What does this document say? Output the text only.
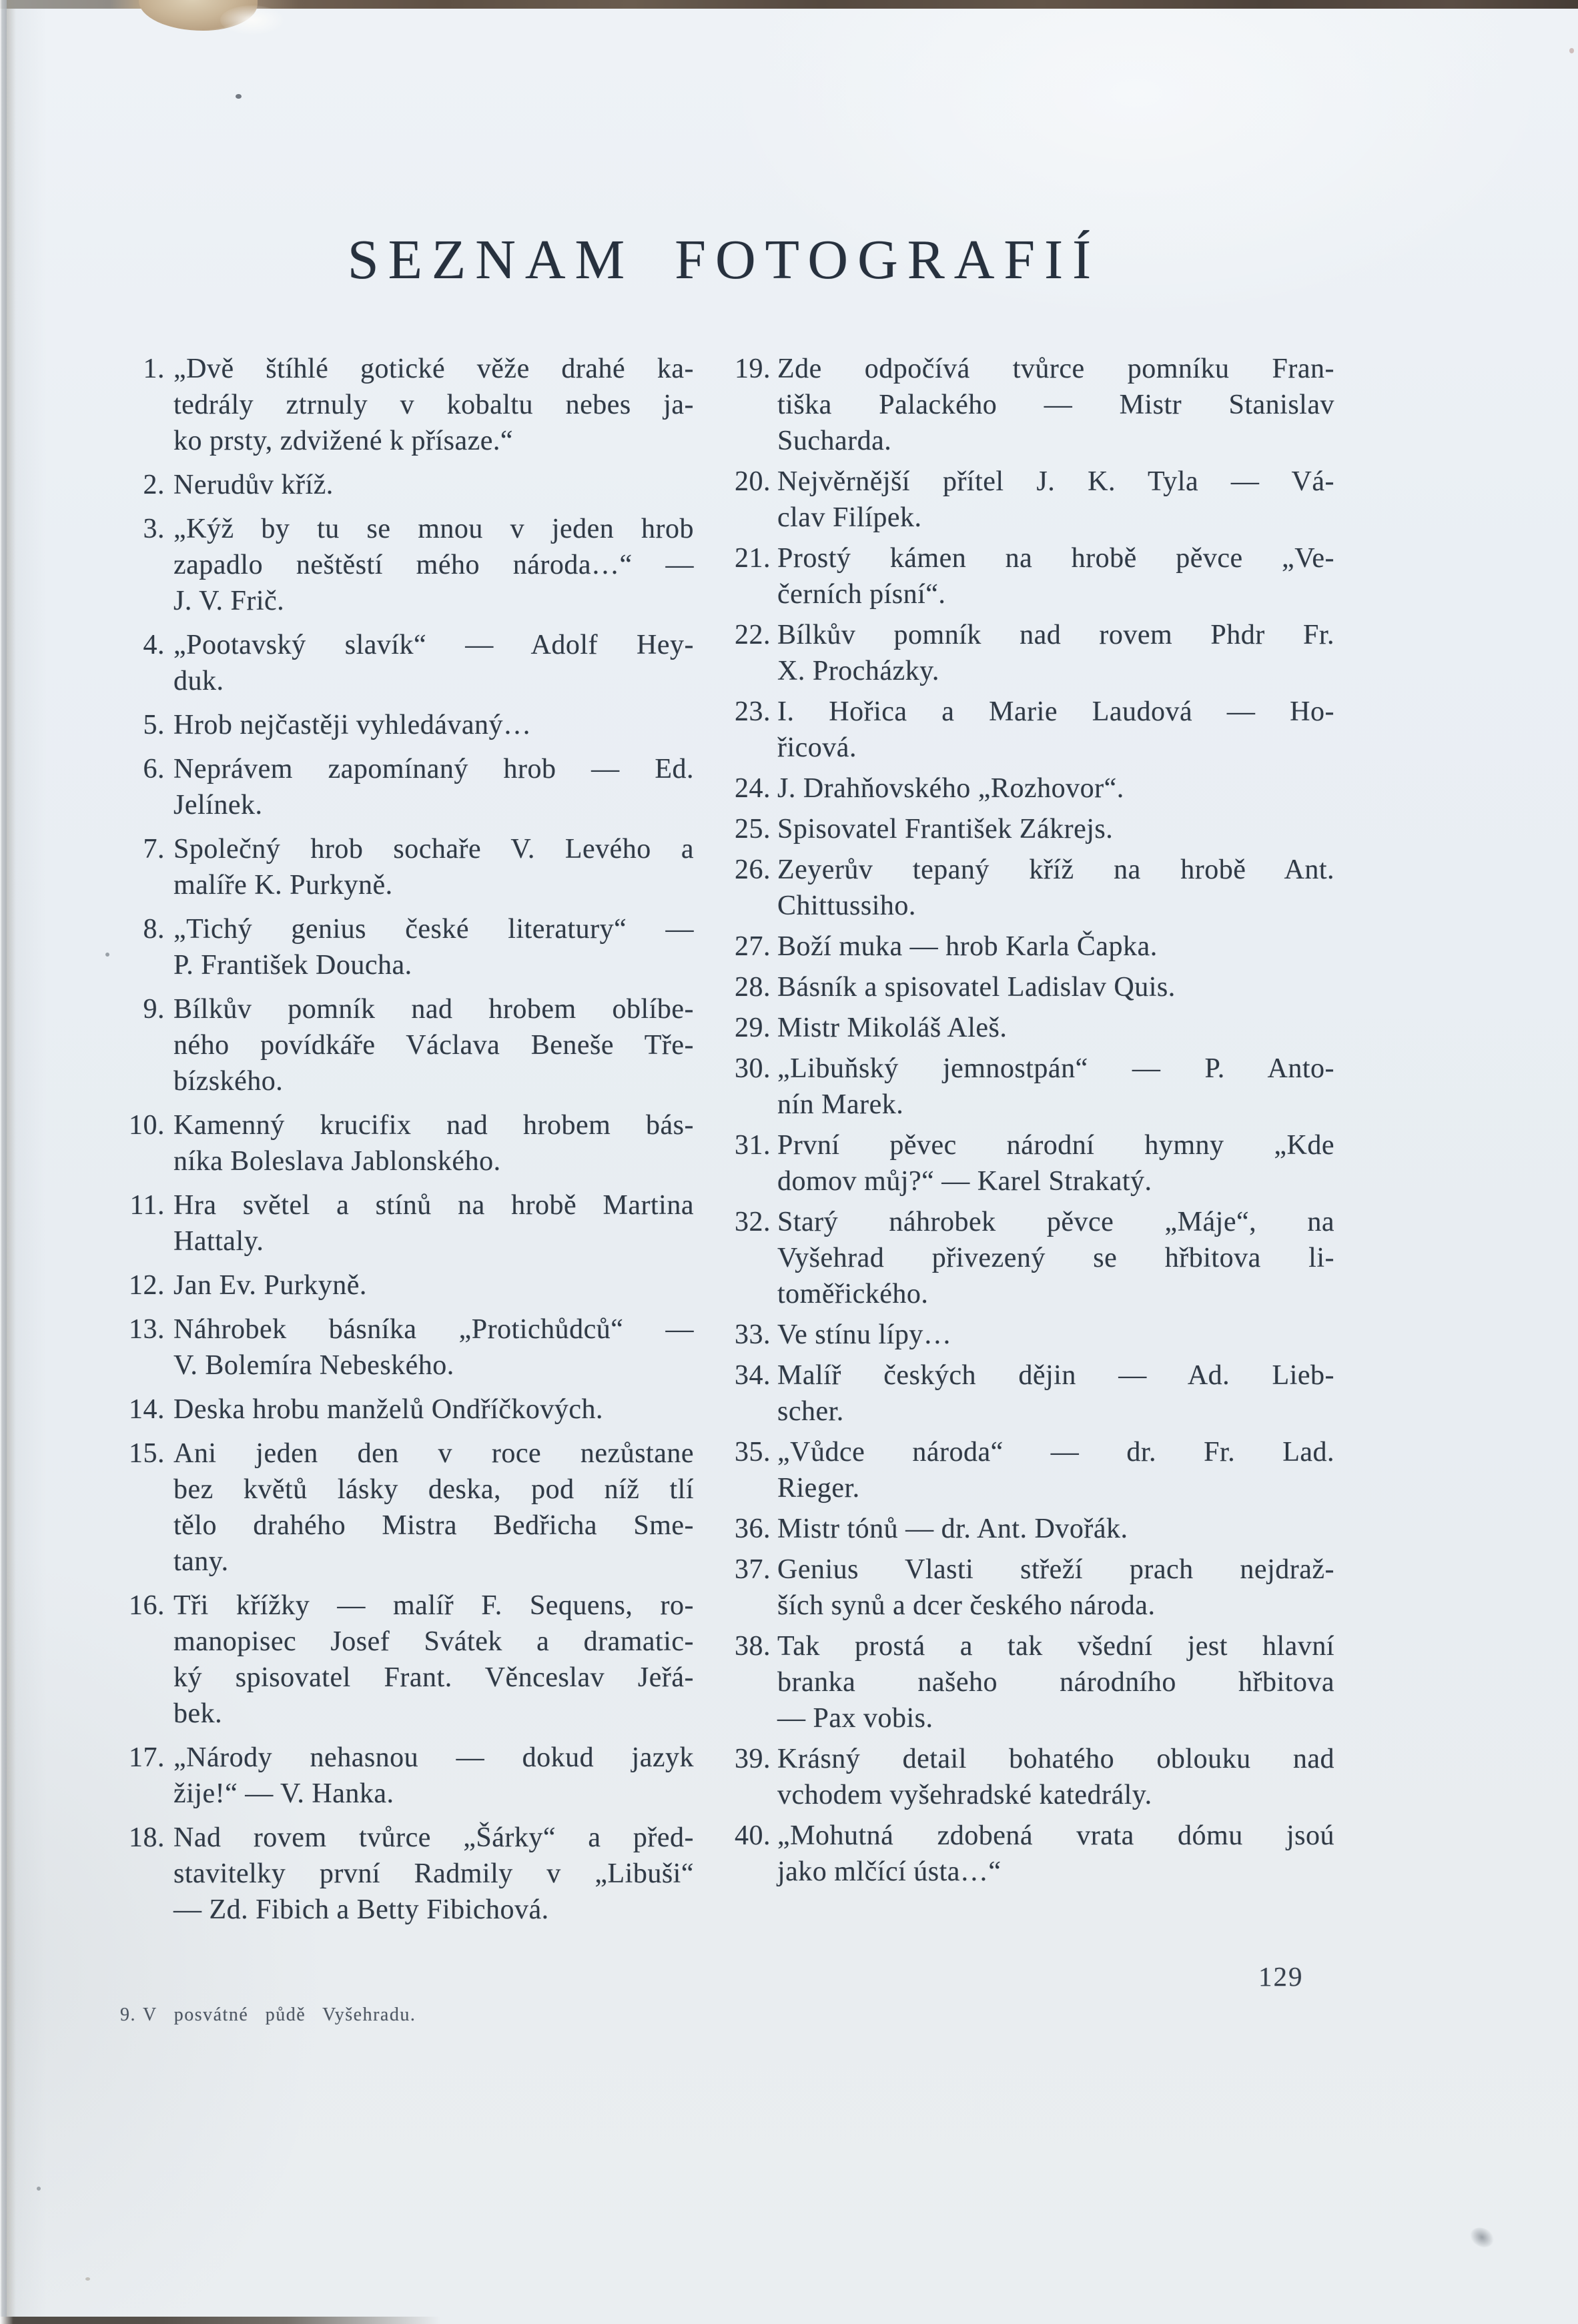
SEZNAM FOTOGRAFIÍ
1. „Dvě štíhlé gotické věže drahé ka-
tedrály ztrnuly v kobaltu nebes ja-
ko prsty, zdvižené k přísaze.“
2. Nerudův kříž.
3. „Kýž by tu se mnou v jeden hrob
zapadlo neštěstí mého národa…“ —
J. V. Frič.
4. „Pootavský slavík“ — Adolf Hey-
duk.
5. Hrob nejčastěji vyhledávaný…
6. Neprávem zapomínaný hrob — Ed.
Jelínek.
7. Společný hrob sochaře V. Levého a
malíře K. Purkyně.
8. „Tichý genius české literatury“ —
P. František Doucha.
9. Bílkův pomník nad hrobem oblíbe-
ného povídkáře Václava Beneše Tře-
bízského.
10. Kamenný krucifix nad hrobem bás-
níka Boleslava Jablonského.
11. Hra světel a stínů na hrobě Martina
Hattaly.
12. Jan Ev. Purkyně.
13. Náhrobek básníka „Protichůdců“ —
V. Bolemíra Nebeského.
14. Deska hrobu manželů Ondříčkových.
15. Ani jeden den v roce nezůstane
bez květů lásky deska, pod níž tlí
tělo drahého Mistra Bedřicha Sme-
tany.
16. Tři křížky — malíř F. Sequens, ro-
manopisec Josef Svátek a dramatic-
ký spisovatel Frant. Věnceslav Jeřá-
bek.
17. „Národy nehasnou — dokud jazyk
žije!“ — V. Hanka.
18. Nad rovem tvůrce „Šárky“ a před-
stavitelky první Radmily v „Libuši“
— Zd. Fibich a Betty Fibichová.
19. Zde odpočívá tvůrce pomníku Fran-
tiška Palackého — Mistr Stanislav
Sucharda.
20. Nejvěrnější přítel J. K. Tyla — Vá-
clav Filípek.
21. Prostý kámen na hrobě pěvce „Ve-
černích písní“.
22. Bílkův pomník nad rovem Phdr Fr.
X. Procházky.
23. I. Hořica a Marie Laudová — Ho-
řicová.
24. J. Drahňovského „Rozhovor“.
25. Spisovatel František Zákrejs.
26. Zeyerův tepaný kříž na hrobě Ant.
Chittussiho.
27. Boží muka — hrob Karla Čapka.
28. Básník a spisovatel Ladislav Quis.
29. Mistr Mikoláš Aleš.
30. „Libuňský jemnostpán“ — P. Anto-
nín Marek.
31. První pěvec národní hymny „Kde
domov můj?“ — Karel Strakatý.
32. Starý náhrobek pěvce „Máje“, na
Vyšehrad přivezený se hřbitova li-
toměřického.
33. Ve stínu lípy…
34. Malíř českých dějin — Ad. Lieb-
scher.
35. „Vůdce národa“ — dr. Fr. Lad.
Rieger.
36. Mistr tónů — dr. Ant. Dvořák.
37. Genius Vlasti střeží prach nejdraž-
ších synů a dcer českého národa.
38. Tak prostá a tak všední jest hlavní
branka našeho národního hřbitova
— Pax vobis.
39. Krásný detail bohatého oblouku nad
vchodem vyšehradské katedrály.
40. „Mohutná zdobená vrata dómu jsoú
jako mlčící ústa…“
9. V posvátné půdě Vyšehradu.
129
